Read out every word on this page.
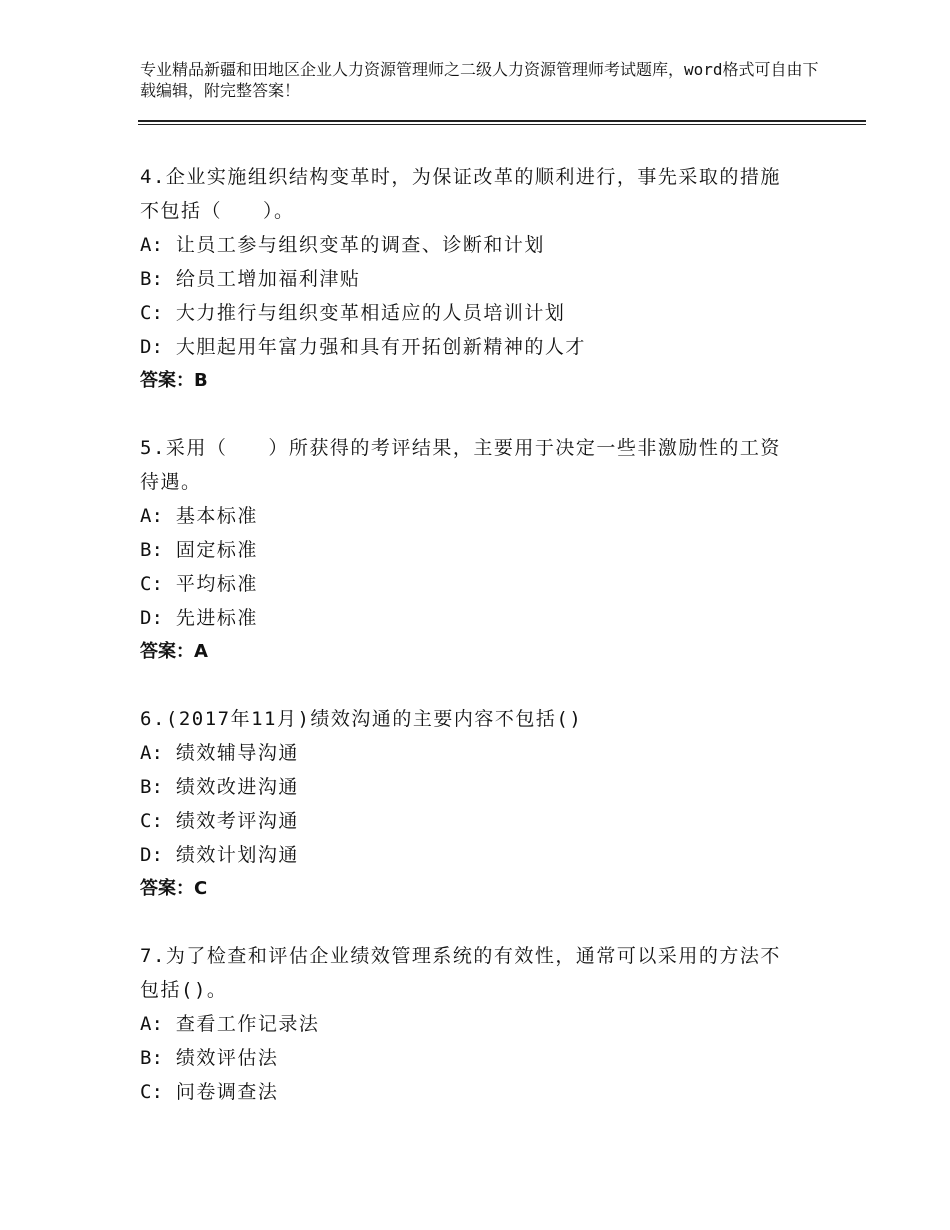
专业精品新疆和田地区企业人力资源管理师之二级人力资源管理师考试题库，word格式可自由下载编辑，附完整答案！
4.企业实施组织结构变革时，为保证改革的顺利进行，事先采取的措施不包括（　　）。
A: 让员工参与组织变革的调查、诊断和计划
B: 给员工增加福利津贴
C: 大力推行与组织变革相适应的人员培训计划
D: 大胆起用年富力强和具有开拓创新精神的人才
答案：B
5.采用（　　）所获得的考评结果，主要用于决定一些非激励性的工资待遇。
A: 基本标准
B: 固定标准
C: 平均标准
D: 先进标准
答案：A
6.(2017年11月)绩效沟通的主要内容不包括()
A: 绩效辅导沟通
B: 绩效改进沟通
C: 绩效考评沟通
D: 绩效计划沟通
答案：C
7.为了检查和评估企业绩效管理系统的有效性，通常可以采用的方法不包括()。
A: 查看工作记录法
B: 绩效评估法
C: 问卷调查法
